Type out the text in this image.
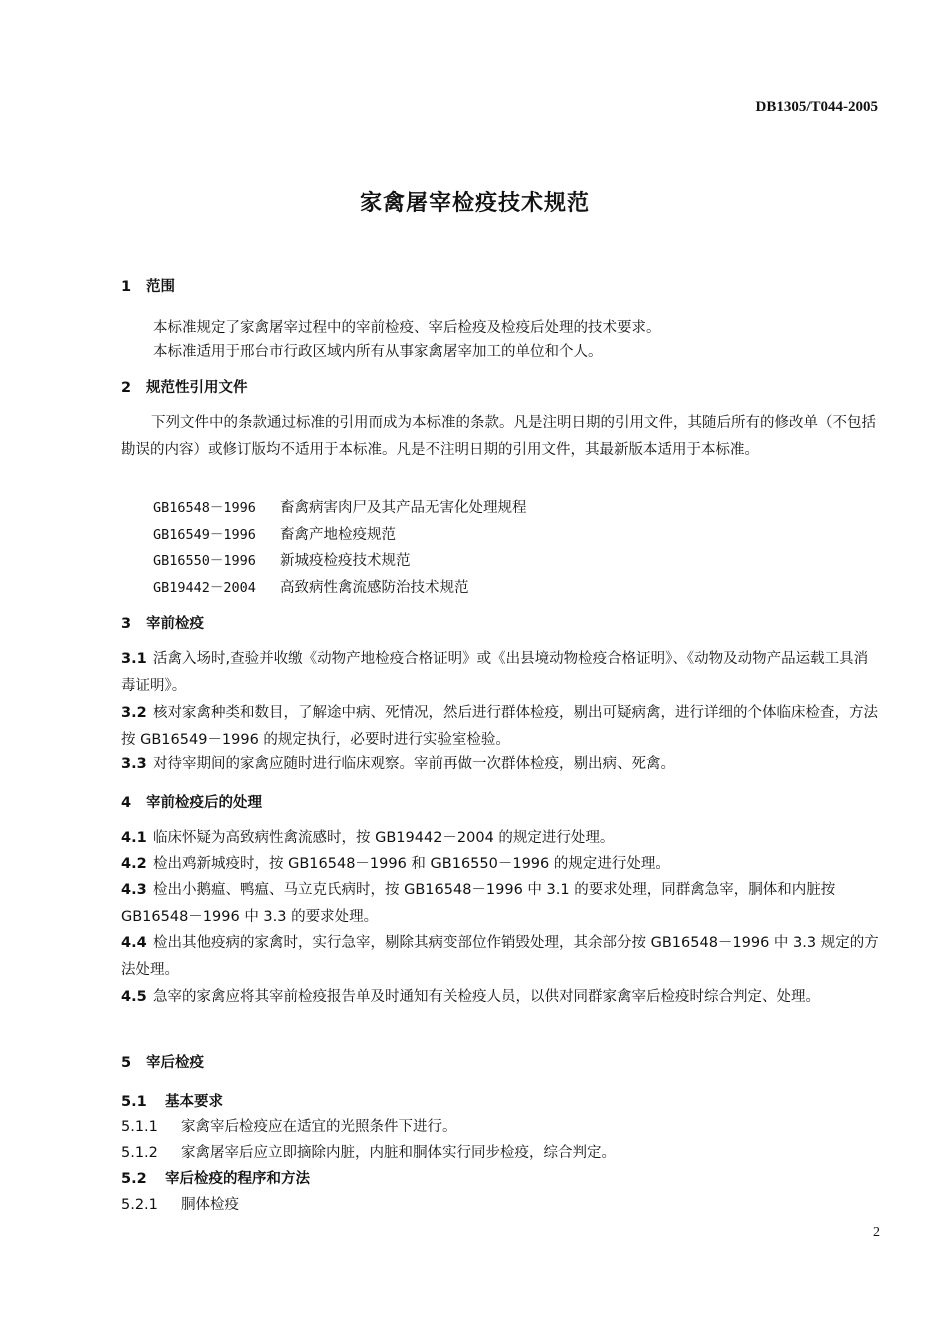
DB1305/T044-2005
家禽屠宰检疫技术规范
1 范围
本标准规定了家禽屠宰过程中的宰前检疫、宰后检疫及检疫后处理的技术要求。
本标准适用于邢台市行政区域内所有从事家禽屠宰加工的单位和个人。
2 规范性引用文件
下列文件中的条款通过标准的引用而成为本标准的条款。凡是注明日期的引用文件，其随后所有的修改单（不包括勘误的内容）或修订版均不适用于本标准。凡是不注明日期的引用文件，其最新版本适用于本标准。
GB16548－1996 畜禽病害肉尸及其产品无害化处理规程
GB16549－1996 畜禽产地检疫规范
GB16550－1996 新城疫检疫技术规范
GB19442－2004 高致病性禽流感防治技术规范
3 宰前检疫
3.1 活禽入场时,查验并收缴《动物产地检疫合格证明》或《出县境动物检疫合格证明》、《动物及动物产品运载工具消毒证明》。
3.2 核对家禽种类和数目，了解途中病、死情况，然后进行群体检疫，剔出可疑病禽，进行详细的个体临床检査，方法按 GB16549－1996 的规定执行，必要时进行实验室检验。
3.3 对待宰期间的家禽应随时进行临床观察。宰前再做一次群体检疫，剔出病、死禽。
4 宰前检疫后的处理
4.1 临床怀疑为高致病性禽流感时，按 GB19442－2004 的规定进行处理。
4.2 检出鸡新城疫时，按 GB16548－1996 和 GB16550－1996 的规定进行处理。
4.3 检出小鹅瘟、鸭瘟、马立克氏病时，按 GB16548－1996 中 3.1 的要求处理，同群禽急宰，胴体和内脏按 GB16548－1996 中 3.3 的要求处理。
4.4 检出其他疫病的家禽时，实行急宰，剔除其病变部位作销毁处理，其余部分按 GB16548－1996 中 3.3 规定的方法处理。
4.5 急宰的家禽应将其宰前检疫报告单及时通知有关检疫人员，以供对同群家禽宰后检疫时综合判定、处理。
5 宰后检疫
5.1 基本要求
5.1.1 家禽宰后检疫应在适宜的光照条件下进行。
5.1.2 家禽屠宰后应立即摘除内脏，内脏和胴体实行同步检疫，综合判定。
5.2 宰后检疫的程序和方法
5.2.1 胴体检疫
2
